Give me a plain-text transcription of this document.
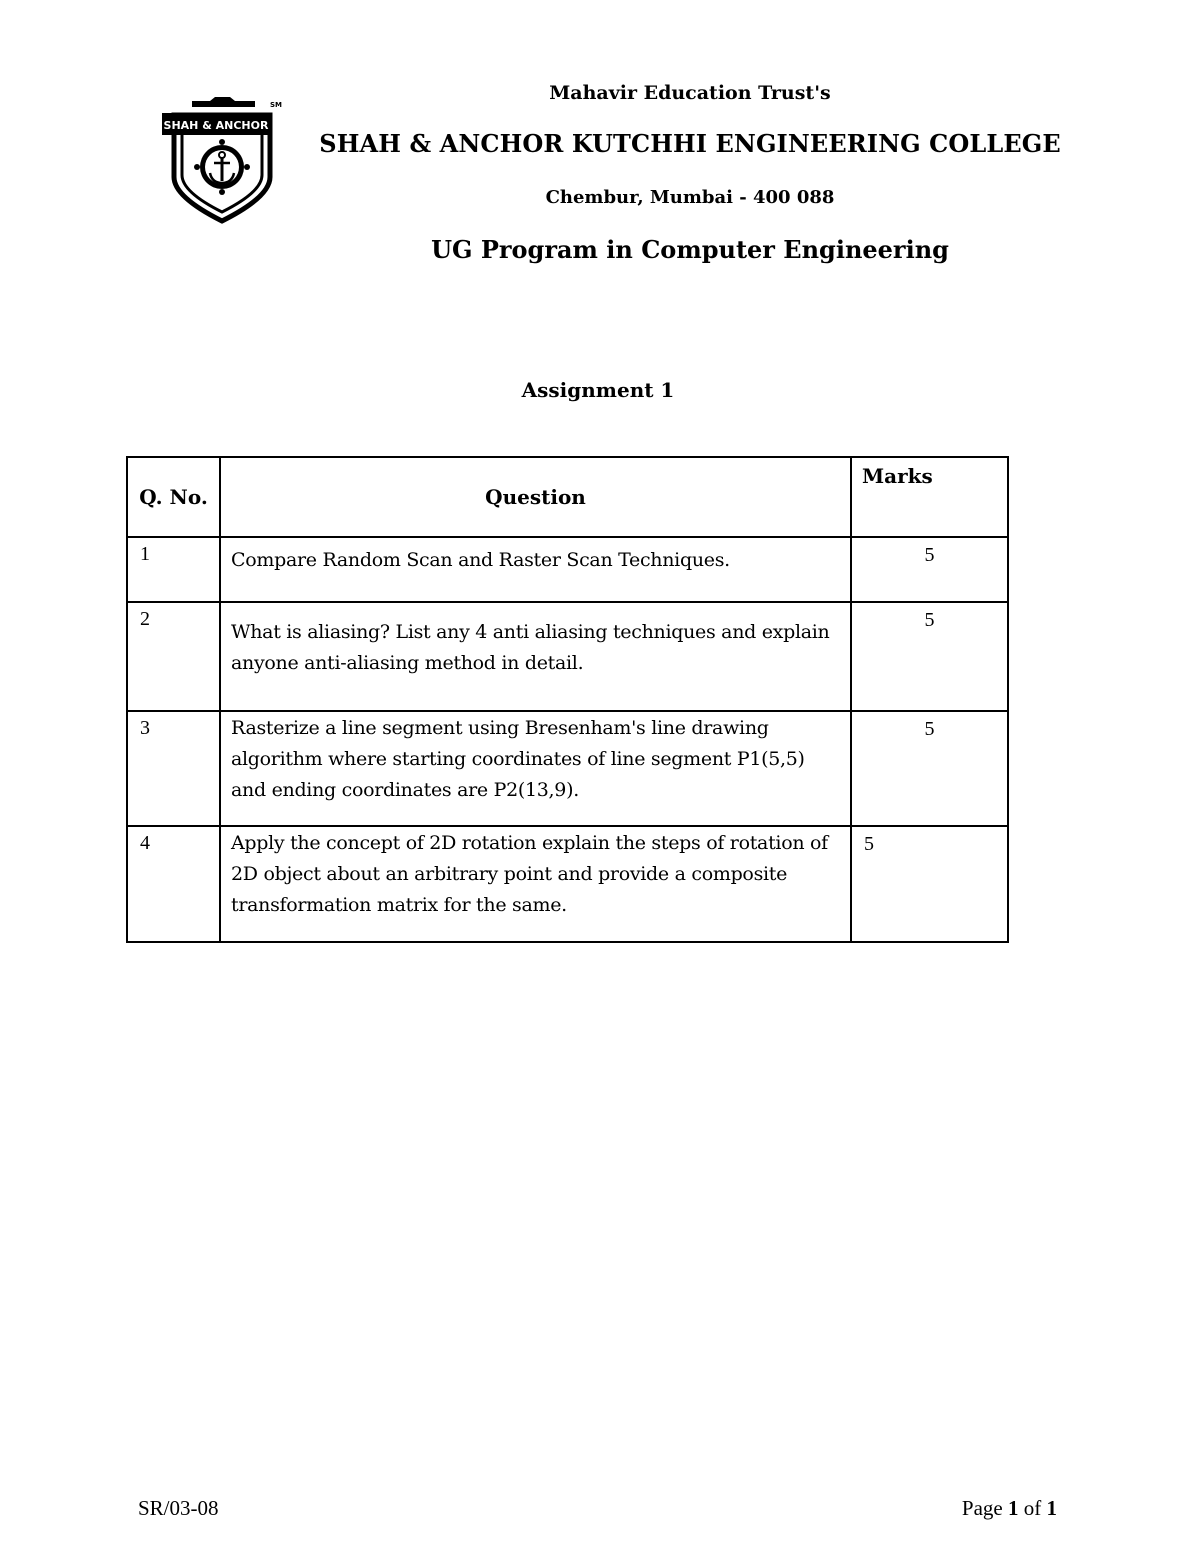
SHAH & ANCHOR
SM
Mahavir Education Trust's
SHAH & ANCHOR KUTCHHI ENGINEERING COLLEGE
Chembur, Mumbai - 400 088
UG Program in Computer Engineering
Assignment 1
Q. No.	Question	Marks
1	Compare Random Scan and Raster Scan Techniques.	5
2	What is aliasing? List any 4 anti aliasing techniques and explain
anyone anti-aliasing method in detail.	5
3	Rasterize a line segment using Bresenham's line drawing
algorithm where starting coordinates of line segment P1(5,5)
and ending coordinates are P2(13,9).	5
4	Apply the concept of 2D rotation explain the steps of rotation of
2D object about an arbitrary point and provide a composite
transformation matrix for the same.	5
SR/03-08	Page 1 of 1
